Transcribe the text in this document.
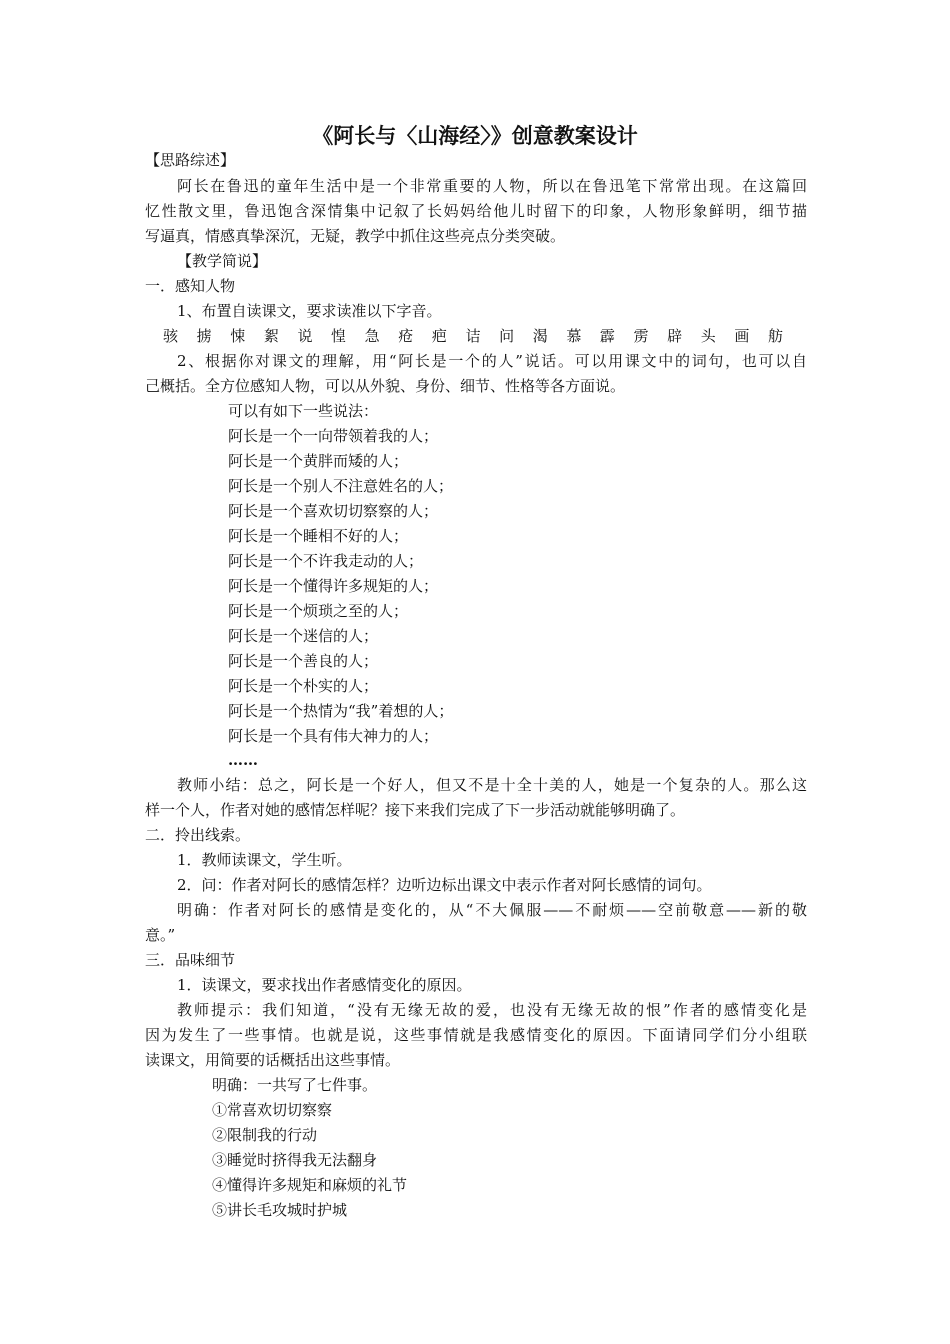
《阿长与〈山海经〉》创意教案设计
【思路综述】
阿长在鲁迅的童年生活中是一个非常重要的人物，所以在鲁迅笔下常常出现。在这篇回
忆性散文里，鲁迅饱含深情集中记叙了长妈妈给他儿时留下的印象，人物形象鲜明，细节描
写逼真，情感真挚深沉，无疑，教学中抓住这些亮点分类突破。
【教学简说】
一．感知人物
1、布置自读课文，要求读准以下字音。
骇 掳 悚 絮 说 惶 急 疮 疤 诘 问 渴 慕 霹 雳 辟 头 画 舫
2、根据你对课文的理解，用“阿长是一个的人”说话。可以用课文中的词句，也可以自
己概括。全方位感知人物，可以从外貌、身份、细节、性格等各方面说。
可以有如下一些说法：
阿长是一个一向带领着我的人；
阿长是一个黄胖而矮的人；
阿长是一个别人不注意姓名的人；
阿长是一个喜欢切切察察的人；
阿长是一个睡相不好的人；
阿长是一个不许我走动的人；
阿长是一个懂得许多规矩的人；
阿长是一个烦琐之至的人；
阿长是一个迷信的人；
阿长是一个善良的人；
阿长是一个朴实的人；
阿长是一个热情为“我”着想的人；
阿长是一个具有伟大神力的人；
……
教师小结：总之，阿长是一个好人，但又不是十全十美的人，她是一个复杂的人。那么这
样一个人，作者对她的感情怎样呢？接下来我们完成了下一步活动就能够明确了。
二．拎出线索。
1．教师读课文，学生听。
2．问：作者对阿长的感情怎样？边听边标出课文中表示作者对阿长感情的词句。
明确：作者对阿长的感情是变化的，从“不大佩服——不耐烦——空前敬意——新的敬
意。”
三．品味细节
1．读课文，要求找出作者感情变化的原因。
教师提示：我们知道，“没有无缘无故的爱，也没有无缘无故的恨”作者的感情变化是
因为发生了一些事情。也就是说，这些事情就是我感情变化的原因。下面请同学们分小组联
读课文，用简要的话概括出这些事情。
明确：一共写了七件事。
①常喜欢切切察察
②限制我的行动
③睡觉时挤得我无法翻身
④懂得许多规矩和麻烦的礼节
⑤讲长毛攻城时护城
